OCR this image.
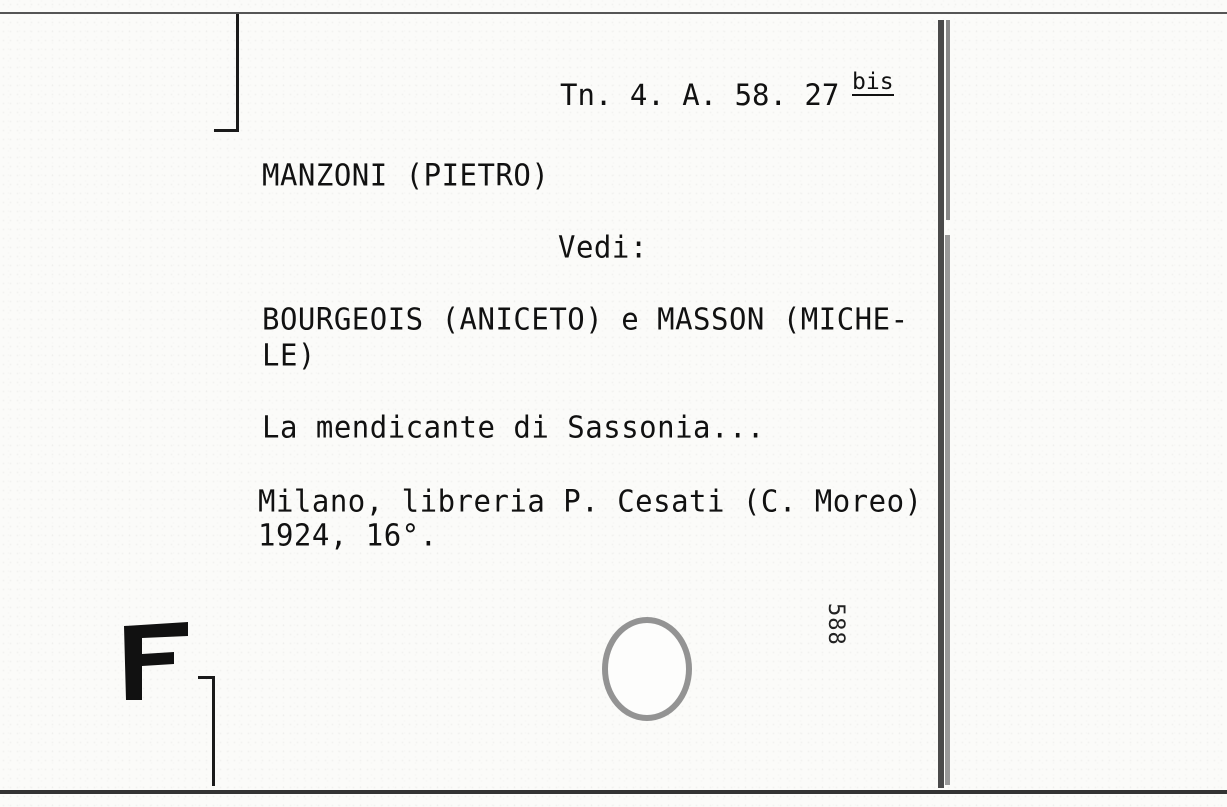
Tn. 4. A. 58. 27 bis
MANZONI (PIETRO)
Vedi:
BOURGEOIS (ANICETO) e MASSON (MICHE-
LE)
La mendicante di Sassonia...
Milano, libreria P. Cesati (C. Moreo)
1924, 16°.
588
